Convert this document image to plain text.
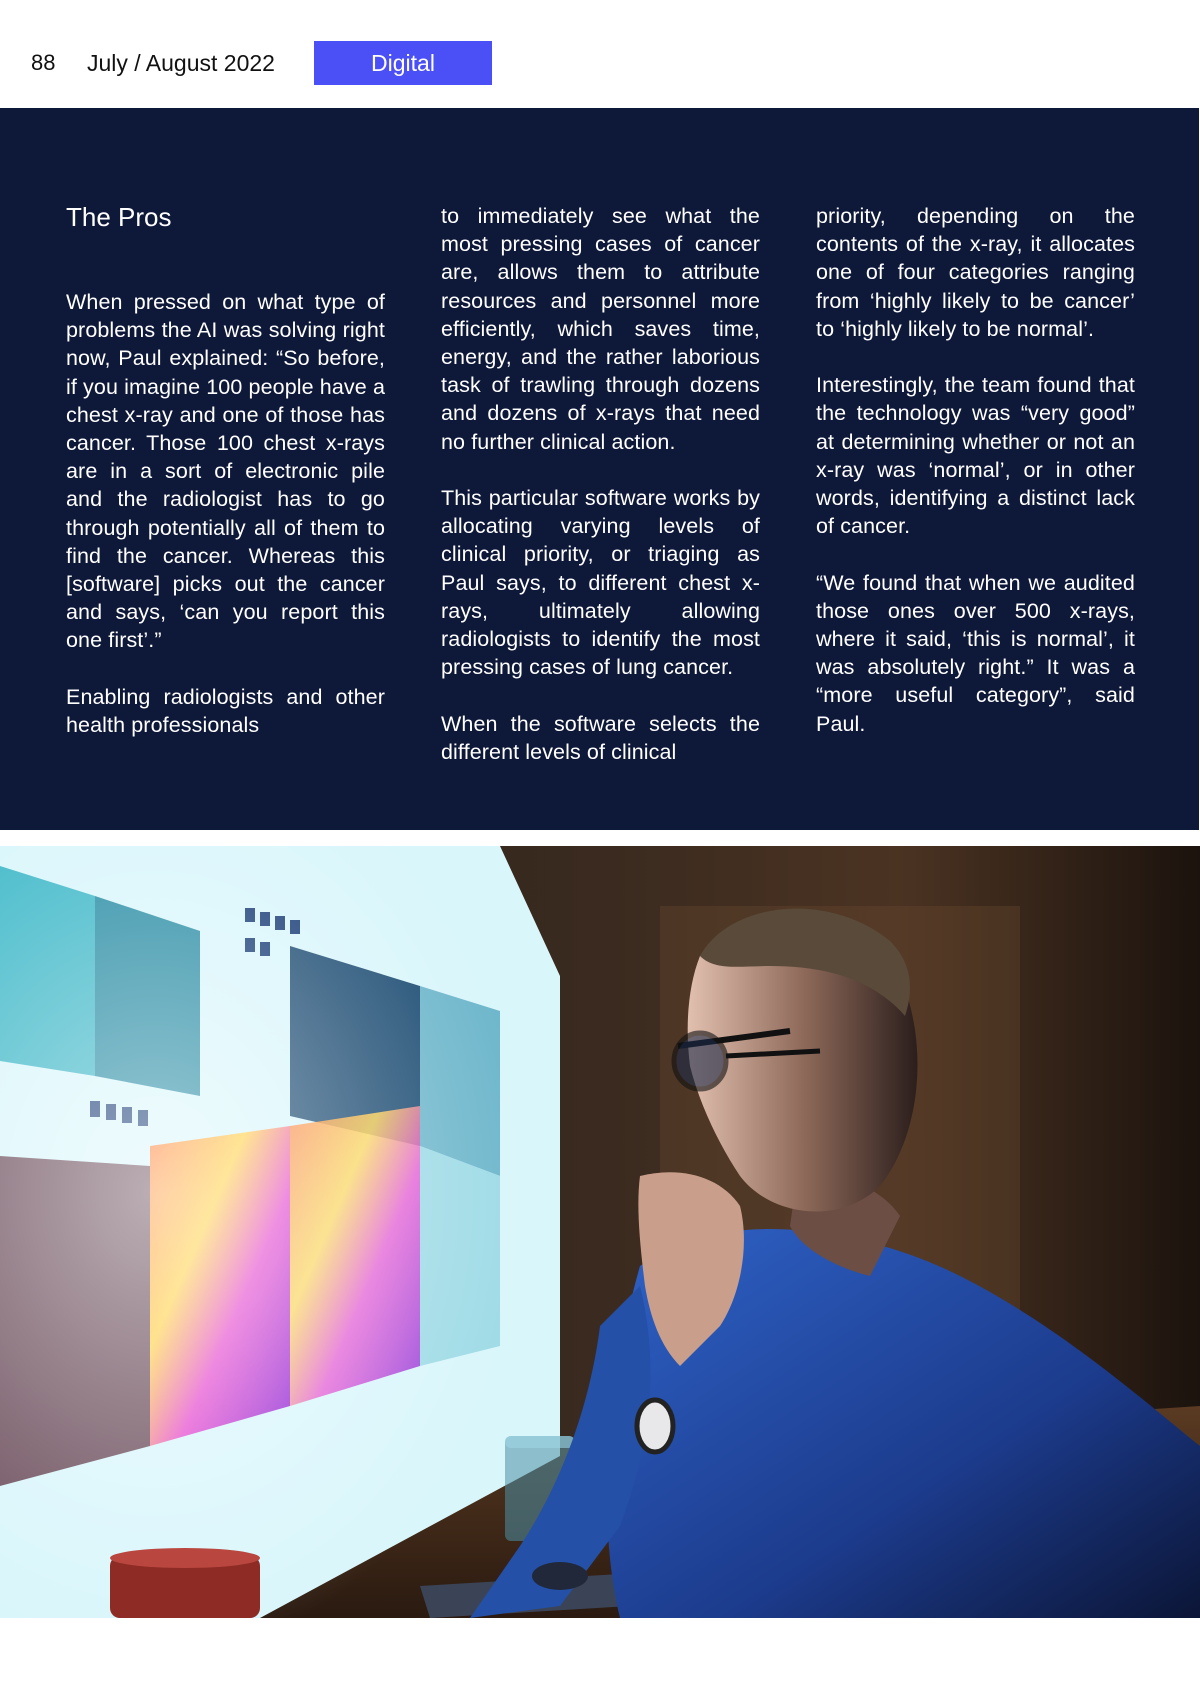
88 July / August 2022	Digital
The Pros

When pressed on what type of problems the AI was solving right now, Paul explained: “So before, if you imagine 100 people have a chest x-ray and one of those has cancer. Those 100 chest x-rays are in a sort of electronic pile and the radiologist has to go through potentially all of them to find the cancer. Whereas this [software] picks out the cancer and says, ‘can you report this one first’.”

Enabling radiologists and other health professionals

to immediately see what the most pressing cases of cancer are, allows them to attribute resources and personnel more efficiently, which saves time, energy, and the rather laborious task of trawling through dozens and dozens of x-rays that need no further clinical action.

This particular software works by allocating varying levels of clinical priority, or triaging as Paul says, to different chest x-rays, ultimately allowing radiologists to identify the most pressing cases of lung cancer.

When the software selects the different levels of clinical

priority, depending on the contents of the x-ray, it allocates one of four categories ranging from ‘highly likely to be cancer’ to ‘highly likely to be normal’.

Interestingly, the team found that the technology was “very good” at determining whether or not an x-ray was ‘normal’, or in other words, identifying a distinct lack of cancer.

“We found that when we audited those ones over 500 x-rays, where it said, ‘this is normal’, it was absolutely right.” It was a “more useful category”, said Paul.
